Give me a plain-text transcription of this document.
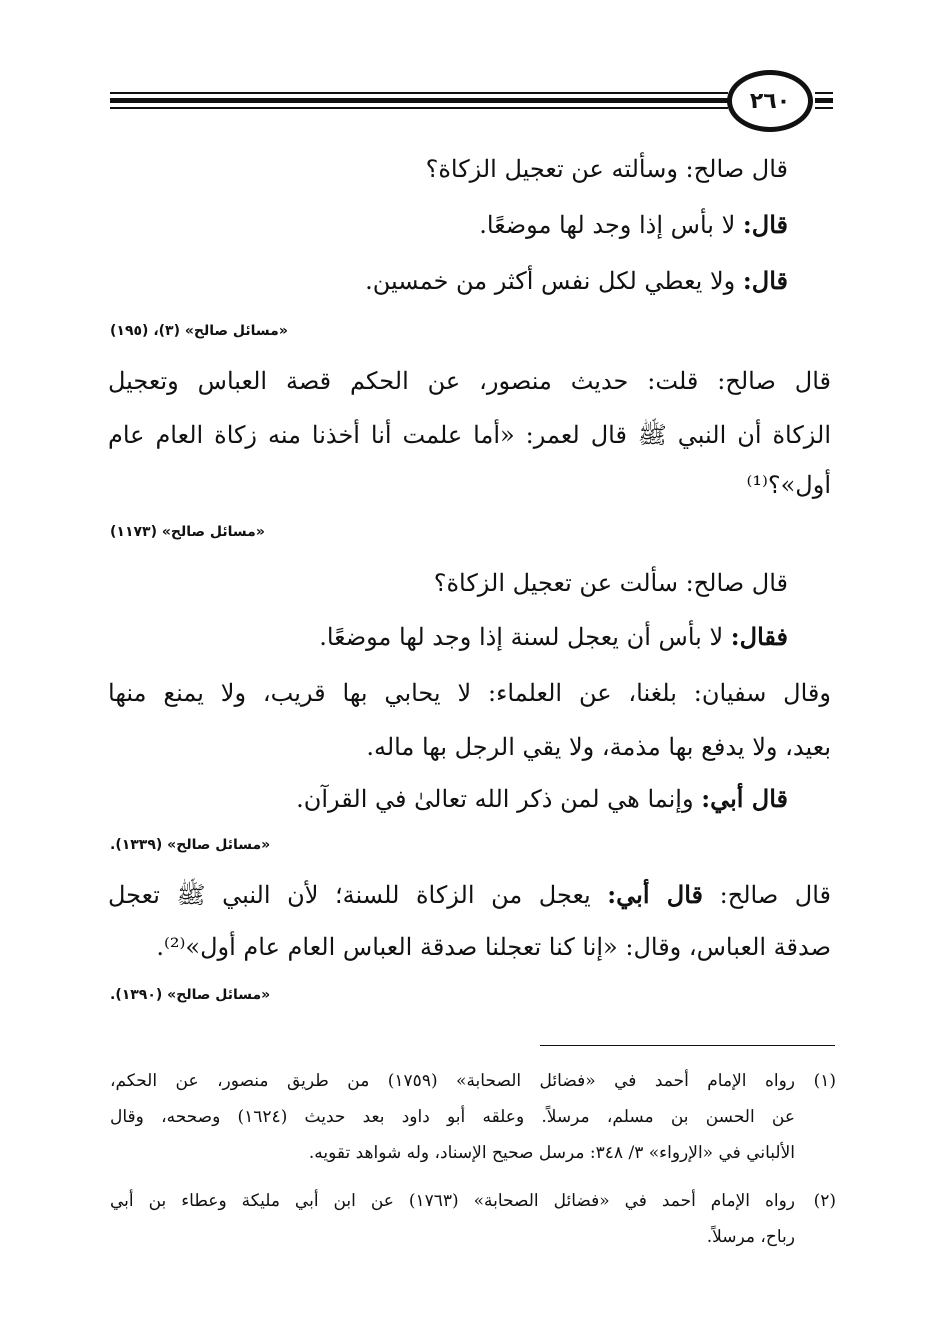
٢٦٠
قال صالح: وسألته عن تعجيل الزكاة؟
قال: لا بأس إذا وجد لها موضعًا.
قال: ولا يعطي لكل نفس أكثر من خمسين.
«مسائل صالح» (٣)، (١٩٥)
قال صالح: قلت: حديث منصور، عن الحكم قصة العباس وتعجيل
الزكاة أن النبي ﷺ قال لعمر: «أما علمت أنا أخذنا منه زكاة العام عام
أول»؟⁽¹⁾
«مسائل صالح» (١١٧٣)
قال صالح: سألت عن تعجيل الزكاة؟
فقال: لا بأس أن يعجل لسنة إذا وجد لها موضعًا.
وقال سفيان: بلغنا، عن العلماء: لا يحابي بها قريب، ولا يمنع منها
بعيد، ولا يدفع بها مذمة، ولا يقي الرجل بها ماله.
قال أبي: وإنما هي لمن ذكر الله تعالىٰ في القرآن.
«مسائل صالح» (١٣٣٩).
قال صالح: قال أبي: يعجل من الزكاة للسنة؛ لأن النبي ﷺ تعجل
صدقة العباس، وقال: «إنا كنا تعجلنا صدقة العباس العام عام أول»⁽²⁾.
«مسائل صالح» (١٣٩٠).
(١)
رواه الإمام أحمد في «فضائل الصحابة» (١٧٥٩) من طريق منصور، عن الحكم،
عن الحسن بن مسلم، مرسلاً. وعلقه أبو داود بعد حديث (١٦٢٤) وصححه، وقال
الألباني في «الإرواء» ٣/ ٣٤٨: مرسل صحيح الإسناد، وله شواهد تقويه.
(٢)
رواه الإمام أحمد في «فضائل الصحابة» (١٧٦٣) عن ابن أبي مليكة وعطاء بن أبي
رباح، مرسلاً.
